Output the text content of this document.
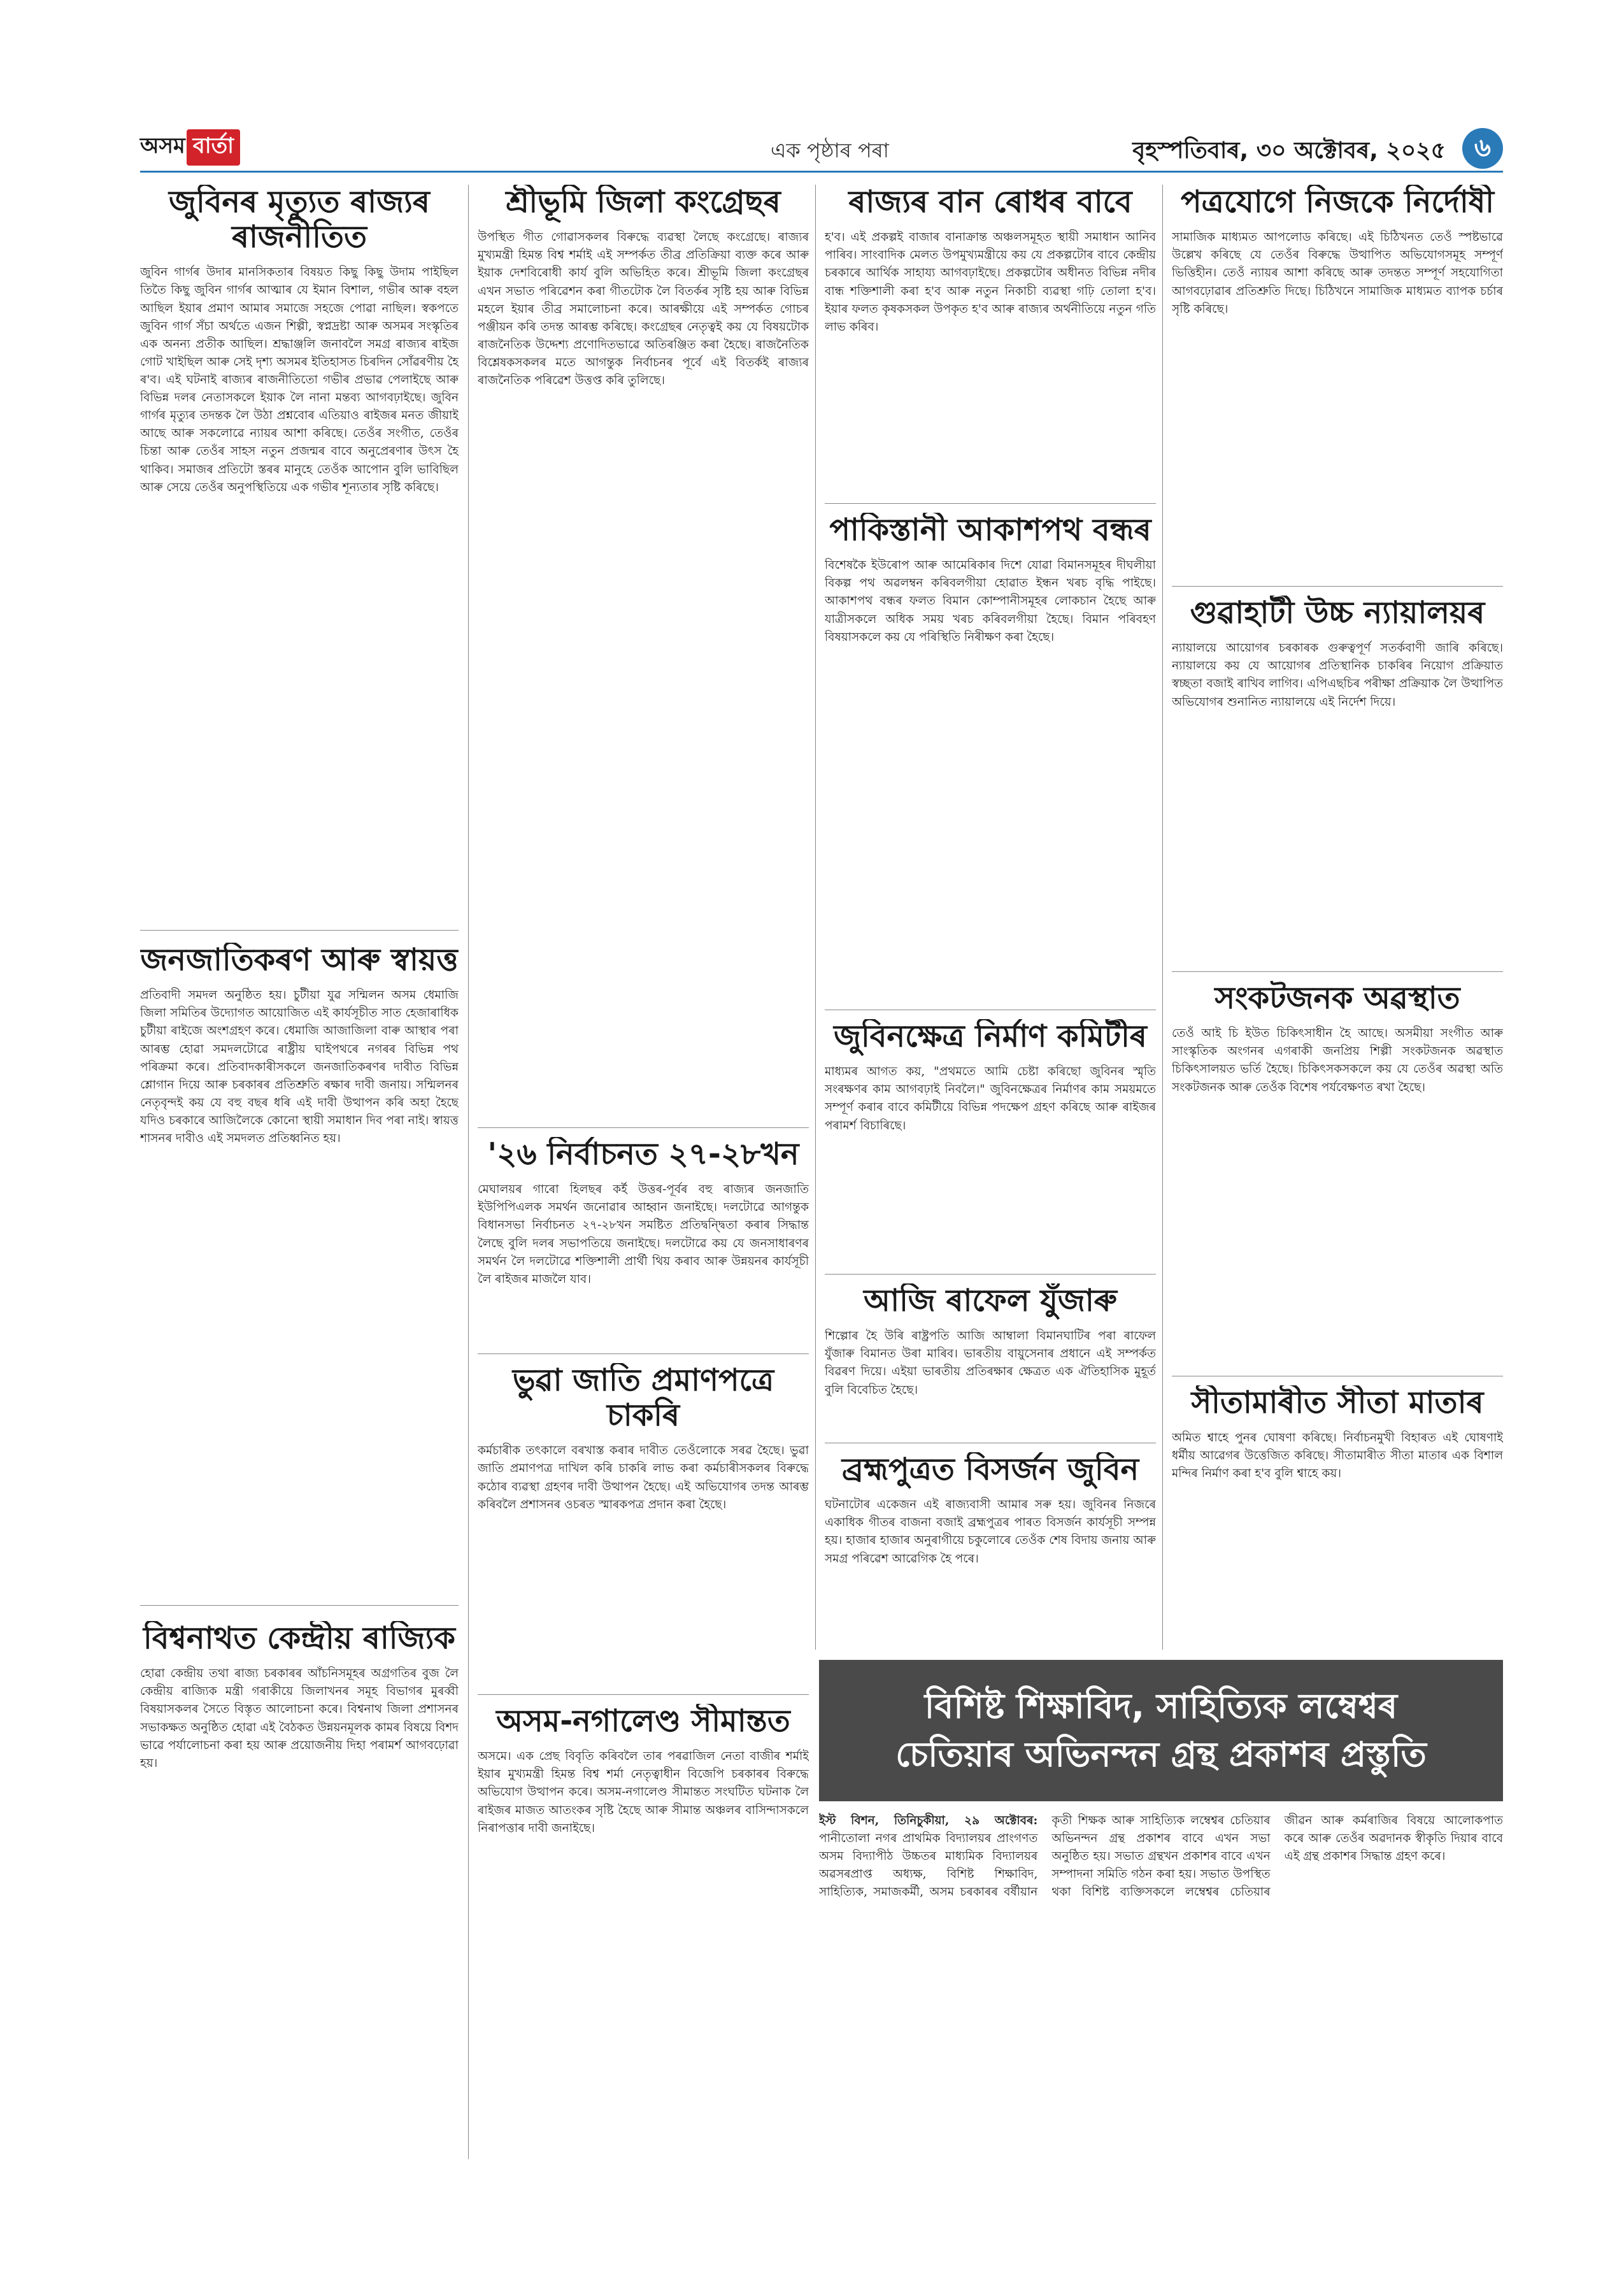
অসম বাৰ্তা	এক পৃষ্ঠাৰ পৰা	বৃহস্পতিবাৰ, ৩০ অক্টোবৰ, ২০২৫	৬
জুবিনৰ মৃত্যুত ৰাজ্যৰ ৰাজনীতিত
জুবিন গাৰ্গৰ উদাৰ মানসিকতাৰ বিষয়ত কিছু কিছু উদাম পাইছিল তিতৈ কিছু জুবিন গাৰ্গৰ আত্মাৰ যে ইমান বিশাল, গভীৰ আৰু বহল আছিল ইয়াৰ প্ৰমাণ আমাৰ সমাজে সহজে পোৱা নাছিল। স্বকপতে জুবিন গাৰ্গ সঁচা অৰ্থতে এজন শিল্পী, স্বপ্নদ্ৰষ্টা আৰু অসমৰ সংস্কৃতিৰ এক অনন্য প্ৰতীক আছিল। শ্ৰদ্ধাঞ্জলি জনাবলৈ সমগ্ৰ ৰাজ্যৰ ৰাইজ গোট খাইছিল আৰু সেই দৃশ্য অসমৰ ইতিহাসত চিৰদিন সোঁৱৰণীয় হৈ ৰ'ব। এই ঘটনাই ৰাজ্যৰ ৰাজনীতিতো গভীৰ প্ৰভাৱ পেলাইছে আৰু বিভিন্ন দলৰ নেতাসকলে ইয়াক লৈ নানা মন্তব্য আগবঢ়াইছে। জুবিন গাৰ্গৰ মৃত্যুৰ তদন্তক লৈ উঠা প্ৰশ্নবোৰ এতিয়াও ৰাইজৰ মনত জীয়াই আছে আৰু সকলোৱে ন্যায়ৰ আশা কৰিছে। তেওঁৰ সংগীত, তেওঁৰ চিন্তা আৰু তেওঁৰ সাহস নতুন প্ৰজন্মৰ বাবে অনুপ্ৰেৰণাৰ উৎস হৈ থাকিব। সমাজৰ প্ৰতিটো স্তৰৰ মানুহে তেওঁক আপোন বুলি ভাবিছিল আৰু সেয়ে তেওঁৰ অনুপস্থিতিয়ে এক গভীৰ শূন্যতাৰ সৃষ্টি কৰিছে।
জনজাতিকৰণ আৰু স্বায়ত্ত
প্ৰতিবাদী সমদল অনুষ্ঠিত হয়। চুটীয়া যুৱ সন্মিলন অসম ধেমাজি জিলা সমিতিৰ উদ্যোগত আয়োজিত এই কাৰ্যসূচীত সাত হেজাৰাধিক চুটীয়া ৰাইজে অংশগ্ৰহণ কৰে। ধেমাজি আজাজিলা বাৰু আস্থাৰ পৰা আৰম্ভ হোৱা সমদলটোৱে ৰাষ্ট্ৰীয় ঘাইপথৰে নগৰৰ বিভিন্ন পথ পৰিক্ৰমা কৰে। প্ৰতিবাদকাৰীসকলে জনজাতিকৰণৰ দাবীত বিভিন্ন শ্লোগান দিয়ে আৰু চৰকাৰৰ প্ৰতিশ্ৰুতি ৰক্ষাৰ দাবী জনায়। সন্মিলনৰ নেতৃবৃন্দই কয় যে বহু বছৰ ধৰি এই দাবী উত্থাপন কৰি অহা হৈছে যদিও চৰকাৰে আজিলৈকে কোনো স্থায়ী সমাধান দিব পৰা নাই। স্বায়ত্ত শাসনৰ দাবীও এই সমদলত প্ৰতিধ্বনিত হয়।
বিশ্বনাথত কেন্দ্ৰীয় ৰাজ্যিক
হোৱা কেন্দ্ৰীয় তথা ৰাজ্য চৰকাৰৰ আঁচনিসমূহৰ অগ্ৰগতিৰ বুজ লৈ কেন্দ্ৰীয় ৰাজ্যিক মন্ত্ৰী গৰাকীয়ে জিলাখনৰ সমূহ বিভাগৰ মুৰব্বী বিষয়াসকলৰ সৈতে বিস্তৃত আলোচনা কৰে। বিশ্বনাথ জিলা প্ৰশাসনৰ সভাকক্ষত অনুষ্ঠিত হোৱা এই বৈঠকত উন্নয়নমূলক কামৰ বিষয়ে বিশদ ভাৱে পৰ্যালোচনা কৰা হয় আৰু প্ৰয়োজনীয় দিহা পৰামৰ্শ আগবঢ়োৱা হয়।
শ্ৰীভূমি জিলা কংগ্ৰেছৰ
উপস্থিত গীত গোৱাসকলৰ বিৰুদ্ধে ব্যৱস্থা লৈছে কংগ্ৰেছে। ৰাজ্যৰ মুখ্যমন্ত্ৰী হিমন্ত বিশ্ব শৰ্মাই এই সম্পৰ্কত তীব্ৰ প্ৰতিক্ৰিয়া ব্যক্ত কৰে আৰু ইয়াক দেশবিৰোধী কাৰ্য বুলি অভিহিত কৰে। শ্ৰীভূমি জিলা কংগ্ৰেছৰ এখন সভাত পৰিৱেশন কৰা গীতটোক লৈ বিতৰ্কৰ সৃষ্টি হয় আৰু বিভিন্ন মহলে ইয়াৰ তীব্ৰ সমালোচনা কৰে। আৰক্ষীয়ে এই সম্পৰ্কত গোচৰ পঞ্জীয়ন কৰি তদন্ত আৰম্ভ কৰিছে। কংগ্ৰেছৰ নেতৃত্বই কয় যে বিষয়টোক ৰাজনৈতিক উদ্দেশ্য প্ৰণোদিতভাৱে অতিৰঞ্জিত কৰা হৈছে। ৰাজনৈতিক বিশ্লেষকসকলৰ মতে আগন্তুক নিৰ্বাচনৰ পূৰ্বে এই বিতৰ্কই ৰাজ্যৰ ৰাজনৈতিক পৰিৱেশ উত্তপ্ত কৰি তুলিছে।
'২৬ নিৰ্বাচনত ২৭-২৮খন
মেঘালয়ৰ গাৰো হিলছৰ কৰ্ই উত্তৰ-পূৰ্বৰ বহু ৰাজ্যৰ জনজাতি ইউপিপিএলক সমৰ্থন জনোৱাৰ আহ্বান জনাইছে। দলটোৱে আগন্তুক বিধানসভা নিৰ্বাচনত ২৭-২৮খন সমষ্টিত প্ৰতিদ্বন্দ্বিতা কৰাৰ সিদ্ধান্ত লৈছে বুলি দলৰ সভাপতিয়ে জনাইছে। দলটোৱে কয় যে জনসাধাৰণৰ সমৰ্থন লৈ দলটোৱে শক্তিশালী প্ৰাৰ্থী থিয় কৰাব আৰু উন্নয়নৰ কাৰ্যসূচী লৈ ৰাইজৰ মাজলৈ যাব।
ভুৱা জাতি প্ৰমাণপত্ৰে চাকৰি
কৰ্মচাৰীক তৎকালে বৰখাস্ত কৰাৰ দাবীত তেওঁলোকে সৰৱ হৈছে। ভুৱা জাতি প্ৰমাণপত্ৰ দাখিল কৰি চাকৰি লাভ কৰা কৰ্মচাৰীসকলৰ বিৰুদ্ধে কঠোৰ ব্যৱস্থা গ্ৰহণৰ দাবী উত্থাপন হৈছে। এই অভিযোগৰ তদন্ত আৰম্ভ কৰিবলৈ প্ৰশাসনৰ ওচৰত স্মাৰকপত্ৰ প্ৰদান কৰা হৈছে।
অসম-নগালেণ্ড সীমান্তত
অসমে। এক প্ৰেছ বিবৃতি কৰিবলৈ তাৰ পৰৱাজিল নেতা বাজীৰ শৰ্মাই ইয়াৰ মুখ্যমন্ত্ৰী হিমন্ত বিশ্ব শৰ্মা নেতৃত্বাধীন বিজেপি চৰকাৰৰ বিৰুদ্ধে অভিযোগ উত্থাপন কৰে। অসম-নগালেণ্ড সীমান্তত সংঘটিত ঘটনাক লৈ ৰাইজৰ মাজত আতংকৰ সৃষ্টি হৈছে আৰু সীমান্ত অঞ্চলৰ বাসিন্দাসকলে নিৰাপত্তাৰ দাবী জনাইছে।
ৰাজ্যৰ বান ৰোধৰ বাবে
হ'ব। এই প্ৰকল্পই বাজাৰ বানাক্ৰান্ত অঞ্চলসমূহত স্থায়ী সমাধান আনিব পাৰিব। সাংবাদিক মেলত উপমুখ্যমন্ত্ৰীয়ে কয় যে প্ৰকল্পটোৰ বাবে কেন্দ্ৰীয় চৰকাৰে আৰ্থিক সাহায্য আগবঢ়াইছে। প্ৰকল্পটোৰ অধীনত বিভিন্ন নদীৰ বান্ধ শক্তিশালী কৰা হ'ব আৰু নতুন নিকাচী ব্যৱস্থা গঢ়ি তোলা হ'ব। ইয়াৰ ফলত কৃষকসকল উপকৃত হ'ব আৰু ৰাজ্যৰ অৰ্থনীতিয়ে নতুন গতি লাভ কৰিব।
পাকিস্তানী আকাশপথ বন্ধৰ
বিশেষকৈ ইউৰোপ আৰু আমেৰিকাৰ দিশে যোৱা বিমানসমূহৰ দীঘলীয়া বিকল্প পথ অৱলম্বন কৰিবলগীয়া হোৱাত ইন্ধন খৰচ বৃদ্ধি পাইছে। আকাশপথ বন্ধৰ ফলত বিমান কোম্পানীসমূহৰ লোকচান হৈছে আৰু যাত্ৰীসকলে অধিক সময় খৰচ কৰিবলগীয়া হৈছে। বিমান পৰিবহণ বিষয়াসকলে কয় যে পৰিস্থিতি নিৰীক্ষণ কৰা হৈছে।
জুবিনক্ষেত্ৰ নিৰ্মাণ কমিটীৰ
মাধ্যমৰ আগত কয়, "প্ৰথমতে আমি চেষ্টা কৰিছো জুবিনৰ স্মৃতি সংৰক্ষণৰ কাম আগবঢ়াই নিবলৈ।" জুবিনক্ষেত্ৰৰ নিৰ্মাণৰ কাম সময়মতে সম্পূৰ্ণ কৰাৰ বাবে কমিটীয়ে বিভিন্ন পদক্ষেপ গ্ৰহণ কৰিছে আৰু ৰাইজৰ পৰামৰ্শ বিচাৰিছে।
আজি ৰাফেল যুঁজাৰু
শিল্পোৰ হৈ উৰি ৰাষ্ট্ৰপতি আজি আম্বালা বিমানঘাটিৰ পৰা ৰাফেল যুঁজাৰু বিমানত উৰা মাৰিব। ভাৰতীয় বায়ুসেনাৰ প্ৰধানে এই সম্পৰ্কত বিৱৰণ দিয়ে। এইয়া ভাৰতীয় প্ৰতিৰক্ষাৰ ক্ষেত্ৰত এক ঐতিহাসিক মুহূৰ্ত বুলি বিবেচিত হৈছে।
ব্ৰহ্মপুত্ৰত বিসৰ্জন জুবিন
ঘটনাটোৰ একেজন এই ৰাজ্যবাসী আমাৰ সৰু হয়। জুবিনৰ নিজৰে একাধিক গীতৰ বাজনা বজাই ব্ৰহ্মপুত্ৰৰ পাৰত বিসৰ্জন কাৰ্যসূচী সম্পন্ন হয়। হাজাৰ হাজাৰ অনুৰাগীয়ে চকুলোৰে তেওঁক শেষ বিদায় জনায় আৰু সমগ্ৰ পৰিৱেশ আৱেগিক হৈ পৰে।
পত্ৰযোগে নিজকে নিৰ্দোষী
সামাজিক মাধ্যমত আপলোড কৰিছে। এই চিঠিখনত তেওঁ স্পষ্টভাৱে উল্লেখ কৰিছে যে তেওঁৰ বিৰুদ্ধে উত্থাপিত অভিযোগসমূহ সম্পূৰ্ণ ভিত্তিহীন। তেওঁ ন্যায়ৰ আশা কৰিছে আৰু তদন্তত সম্পূৰ্ণ সহযোগিতা আগবঢ়োৱাৰ প্ৰতিশ্ৰুতি দিছে। চিঠিখনে সামাজিক মাধ্যমত ব্যাপক চৰ্চাৰ সৃষ্টি কৰিছে।
গুৱাহাটী উচ্চ ন্যায়ালয়ৰ
ন্যায়ালয়ে আয়োগৰ চৰকাৰক গুৰুত্বপূৰ্ণ সতৰ্কবাণী জাৰি কৰিছে। ন্যায়ালয়ে কয় যে আয়োগৰ প্ৰতিস্থানিক চাকৰিৰ নিয়োগ প্ৰক্ৰিয়াত স্বচ্ছতা বজাই ৰাখিব লাগিব। এপিএছচিৰ পৰীক্ষা প্ৰক্ৰিয়াক লৈ উত্থাপিত অভিযোগৰ শুনানিত ন্যায়ালয়ে এই নিৰ্দেশ দিয়ে।
সংকটজনক অৱস্থাত
তেওঁ আই চি ইউত চিকিৎসাধীন হৈ আছে। অসমীয়া সংগীত আৰু সাংস্কৃতিক অংগনৰ এগৰাকী জনপ্ৰিয় শিল্পী সংকটজনক অৱস্থাত চিকিৎসালয়ত ভৰ্তি হৈছে। চিকিৎসকসকলে কয় যে তেওঁৰ অৱস্থা অতি সংকটজনক আৰু তেওঁক বিশেষ পৰ্যবেক্ষণত ৰখা হৈছে।
সীতামাৰীত সীতা মাতাৰ
অমিত শ্বাহে পুনৰ ঘোষণা কৰিছে। নিৰ্বাচনমুখী বিহাৰত এই ঘোষণাই ধৰ্মীয় আৱেগৰ উত্তেজিত কৰিছে। সীতামাৰীত সীতা মাতাৰ এক বিশাল মন্দিৰ নিৰ্মাণ কৰা হ'ব বুলি শ্বাহে কয়।
বিশিষ্ট শিক্ষাবিদ, সাহিত্যিক লম্বেশ্বৰ
চেতিয়াৰ অভিনন্দন গ্ৰন্থ প্ৰকাশৰ প্ৰস্তুতি
ইস্ট বিশন, তিনিচুকীয়া, ২৯ অক্টোবৰ: পানীতোলা নগৰ প্ৰাথমিক বিদ্যালয়ৰ প্ৰাংগণত অসম বিদ্যাপীঠ উচ্চতৰ মাধ্যমিক বিদ্যালয়ৰ অৱসৰপ্ৰাপ্ত অধ্যক্ষ, বিশিষ্ট শিক্ষাবিদ, সাহিত্যিক, সমাজকৰ্মী, অসম চৰকাৰৰ বৰ্ষীয়ান কৃতী শিক্ষক আৰু সাহিত্যিক লম্বেশ্বৰ চেতিয়াৰ অভিনন্দন গ্ৰন্থ প্ৰকাশৰ বাবে এখন সভা অনুষ্ঠিত হয়। সভাত গ্ৰন্থখন প্ৰকাশৰ বাবে এখন সম্পাদনা সমিতি গঠন কৰা হয়। সভাত উপস্থিত থকা বিশিষ্ট ব্যক্তিসকলে লম্বেশ্বৰ চেতিয়াৰ জীৱন আৰু কৰ্মৰাজিৰ বিষয়ে আলোকপাত কৰে আৰু তেওঁৰ অৱদানক স্বীকৃতি দিয়াৰ বাবে এই গ্ৰন্থ প্ৰকাশৰ সিদ্ধান্ত গ্ৰহণ কৰে।
